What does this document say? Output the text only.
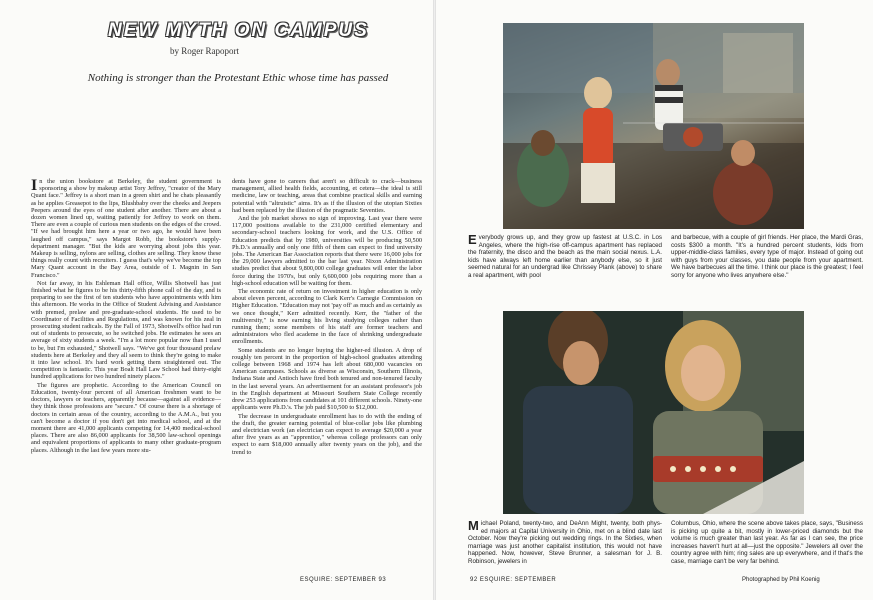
NEW MYTH ON CAMPUS
by Roger Rapoport
Nothing is stronger than the Protestant Ethic whose time has passed

In the union bookstore at Berkeley, the student government is sponsoring a show by makeup artist Tory Jeffrey, "creator of the Mary Quant face." Jeffrey is a short man in a green shirt and he chats pleasantly as he applies Greasepot to the lips, Blushbaby over the cheeks and Jeepers Peepers around the eyes of one student after another. There are about a dozen women lined up, waiting patiently for Jeffrey to work on them. There are even a couple of curious men students on the edges of the crowd. "If we had brought him here a year or two ago, he would have been laughed off campus," says Margot Robb, the bookstore's supply-department manager. "But the kids are worrying about jobs this year. Makeup is selling, nylons are selling, clothes are selling. They know these things really count with recruiters. I guess that's why we've become the top Mary Quant account in the Bay Area, outside of I. Magnin in San Francisco."

Not far away, in his Eshleman Hall office, Willis Shotwell has just finished what he figures to be his thirty-fifth phone call of the day, and is preparing to see the first of ten students who have appointments with him this afternoon. He works in the Office of Student Advising and Assistance with premed, prelaw and pre-graduate-school students. He used to be Coordinator of Facilities and Regulations, and was known for his zeal in prosecuting student radicals. By the Fall of 1973, Shotwell's office had run out of students to prosecute, so he switched jobs. He estimates he sees an average of sixty students a week. "I'm a lot more popular now than I used to be, but I'm exhausted," Shotwell says. "We've got four thousand prelaw students here at Berkeley and they all seem to think they're going to make it into law school. It's hard work getting them straightened out. The competition is fantastic. This year Boalt Hall Law School had thirty-eight hundred applications for two hundred ninety places."

The figures are prophetic. According to the American Council on Education, twenty-four percent of all American freshmen want to be doctors, lawyers or teachers, apparently because—against all evidence—they think those professions are "secure." Of course there is a shortage of doctors in certain areas of the country, according to the A.M.A., but you can't become a doctor if you don't get into medical school, and at the moment there are 41,000 applicants competing for 14,400 medical-school places. There are also 86,000 applicants for 38,500 law-school openings and equivalent proportions of applicants to many other graduate-program places. Although in the last few years more stu-

dents have gone to careers that aren't so difficult to crack—business management, allied health fields, accounting, et cetera—the ideal is still medicine, law or teaching, areas that combine practical skills and earning potential with "altruistic" aims. It's as if the illusion of the utopian Sixties had been replaced by the illusion of the pragmatic Seventies.

And the job market shows no sign of improving. Last year there were 117,000 positions available to the 231,000 certified elementary and secondary-school teachers looking for work, and the U.S. Office of Education predicts that by 1980, universities will be producing 50,500 Ph.D.'s annually and only one fifth of them can expect to find university jobs. The American Bar Association reports that there were 16,000 jobs for the 29,000 lawyers admitted to the bar last year. Nixon Administration studies predict that about 9,800,000 college graduates will enter the labor force during the 1970's, but only 6,600,000 jobs requiring more than a high-school education will be waiting for them.

The economic rate of return on investment in higher education is only about eleven percent, according to Clark Kerr's Carnegie Commission on Higher Education. "Education may not 'pay off' as much and as certainly as we once thought," Kerr admitted recently. Kerr, the "father of the multiversity," is now earning his living studying colleges rather than running them; some members of his staff are former teachers and administrators who fled academe in the face of shrinking undergraduate enrollments.

Some students are no longer buying the higher-ed illusion. A drop of roughly ten percent in the proportion of high-school graduates attending college between 1968 and 1974 has left about 680,000 vacancies on American campuses. Schools as diverse as Wisconsin, Southern Illinois, Indiana State and Antioch have fired both tenured and non-tenured faculty in the last several years. An advertisement for an assistant professor's job in the English department at Missouri Southern State College recently drew 253 applications from candidates at 101 different schools. Ninety-one applicants were Ph.D.'s. The job paid $10,500 to $12,000.

The decrease in undergraduate enrollment has to do with the ending of the draft, the greater earning potential of blue-collar jobs like plumbing and electrician work (an electrician can expect to average $20,000 a year after five years as an "apprentice," whereas college professors can only expect to earn $18,000 annually after twenty years on the job), and the trend to

ESQUIRE: SEPTEMBER 93
Everybody grows up, and they grow up fastest at U.S.C. in Los Angeles, where the high-rise off-campus apartment has replaced the fraternity, the disco and the beach as the main social nexus. L.A. kids have always left home earlier than anybody else, so it just seemed natural for an undergrad like Chrissey Plank (above) to share a real apartment, with pool
and barbecue, with a couple of girl friends. Her place, the Mardi Gras, costs $300 a month. "It's a hundred percent students, kids from upper-middle-class families, every type of major. Instead of going out with guys from your classes, you date people from your apartment. We have barbecues all the time. I think our place is the greatest; I feel sorry for anyone who lives anywhere else."
Michael Poland, twenty-two, and DeAnn Might, twenty, both phys-ed majors at Capital University in Ohio, met on a blind date last October. Now they're picking out wedding rings. In the Sixties, when marriage was just another capitalist institution, this would not have happened. Now, however, Steve Brunner, a salesman for J. B. Robinson, jewelers in
Columbus, Ohio, where the scene above takes place, says, "Business is picking up quite a bit, mostly in lower-priced diamonds but the volume is much greater than last year. As far as I can see, the price increases haven't hurt at all—just the opposite." Jewelers all over the country agree with him; ring sales are up everywhere, and if that's the case, marriage can't be very far behind.
92 ESQUIRE: SEPTEMBER	Photographed by Phil Koenig
